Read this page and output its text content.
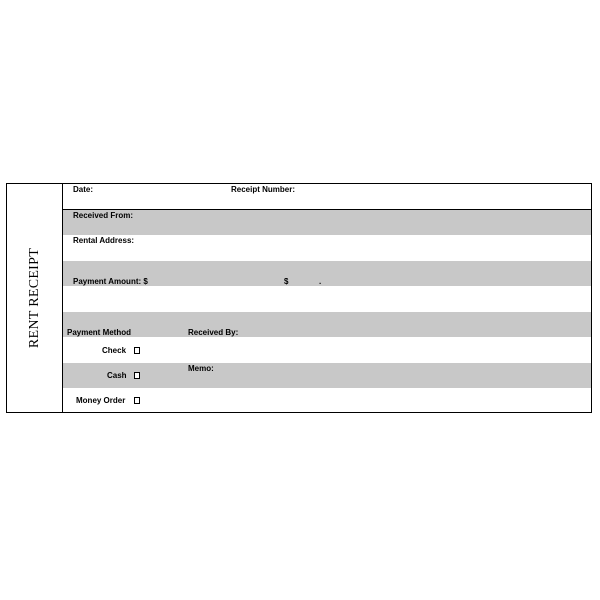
RENT RECEIPT
Date:	Receipt Number:
Received From:
Rental Address:
Payment Amount: $	$	.
Payment Method	Received By:
Check
Memo:
Cash
Money Order
